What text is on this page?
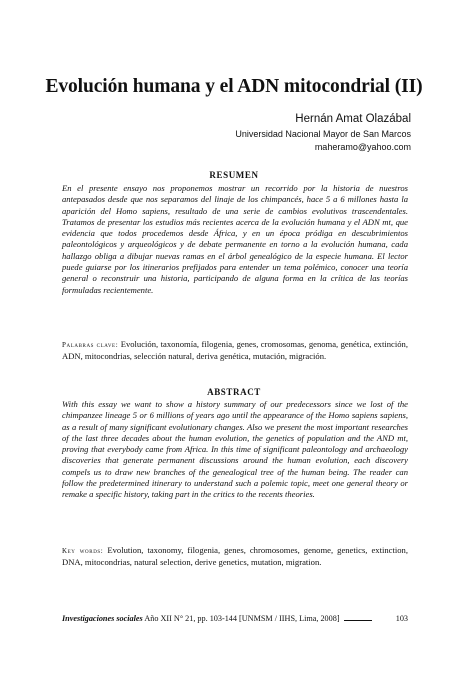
Evolución humana y el ADN mitocondrial (II)
Hernán Amat Olazábal
Universidad Nacional Mayor de San Marcos
maheramo@yahoo.com
RESUMEN

En el presente ensayo nos proponemos mostrar un recorrido por la historia de nuestros antepasados desde que nos separamos del linaje de los chimpancés, hace 5 a 6 millones hasta la aparición del Homo sapiens, resultado de una serie de cambios evolutivos trascendentales. Tratamos de presentar los estudios más recientes acerca de la evolución humana y el ADN mt, que evidencia que todos procedemos desde África, y en un época pródiga en descubrimientos paleontológicos y arqueológicos y de debate permanente en torno a la evolución humana, cada hallazgo obliga a dibujar nuevas ramas en el árbol genealógico de la especie humana. El lector puede guiarse por los itinerarios prefijados para entender un tema polémico, conocer una teoría general o reconstruir una historia, participando de alguna forma en la crítica de las teorías formuladas recientemente.

Palabras clave: Evolución, taxonomía, filogenia, genes, cromosomas, genoma, genética, extinción, ADN, mitocondrias, selección natural, deriva genética, mutación, migración.

ABSTRACT

With this essay we want to show a history summary of our predecessors since we lost of the chimpanzee lineage 5 or 6 millions of years ago until the appearance of the Homo sapiens sapiens, as a result of many significant evolutionary changes. Also we present the most important researches of the last three decades about the human evolution, the genetics of population and the AND mt, proving that everybody came from Africa. In this time of significant paleontology and archaeology discoveries that generate permanent discussions around the human evolution, each discovery compels us to draw new branches of the genealogical tree of the human being. The reader can follow the predetermined itinerary to understand such a polemic topic, meet one general theory or remake a specific history, taking part in the critics to the recents theories.

Key words: Evolution, taxonomy, filogenia, genes, chromosomes, genome, genetics, extinction, DNA, mitocondrias, natural selection, derive genetics, mutation, migration.

Investigaciones sociales Año XII N° 21, pp. 103-144 [UNMSM / IIHS, Lima, 2008]	103
